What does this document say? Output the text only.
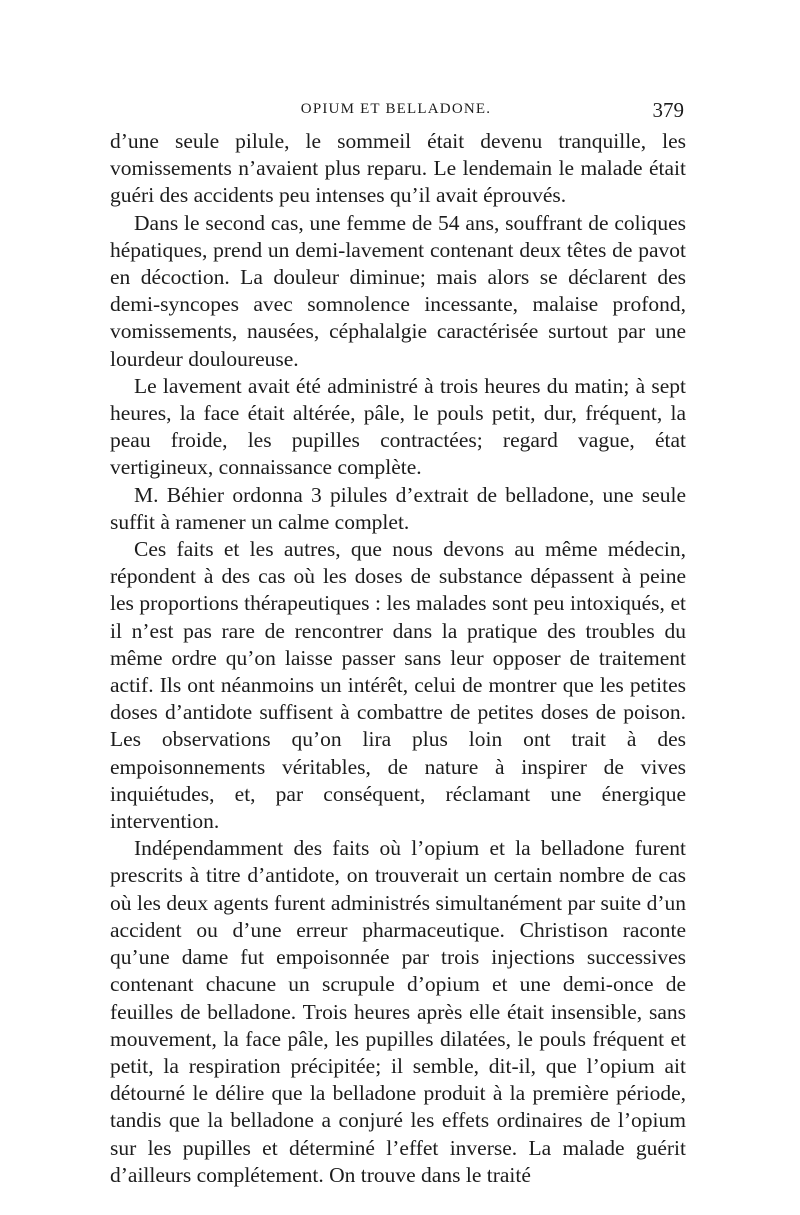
OPIUM ET BELLADONE.	379

d’une seule pilule, le sommeil était devenu tranquille, les vomissements n’avaient plus reparu. Le lendemain le malade était guéri des accidents peu intenses qu’il avait éprouvés.

Dans le second cas, une femme de 54 ans, souffrant de coliques hépatiques, prend un demi-lavement contenant deux têtes de pavot en décoction. La douleur diminue; mais alors se déclarent des demi-syncopes avec somnolence incessante, malaise profond, vomissements, nausées, céphalalgie caractérisée surtout par une lourdeur douloureuse.

Le lavement avait été administré à trois heures du matin; à sept heures, la face était altérée, pâle, le pouls petit, dur, fréquent, la peau froide, les pupilles contractées; regard vague, état vertigineux, connaissance complète.

M. Béhier ordonna 3 pilules d’extrait de belladone, une seule suffit à ramener un calme complet.

Ces faits et les autres, que nous devons au même médecin, répondent à des cas où les doses de substance dépassent à peine les proportions thérapeutiques : les malades sont peu intoxiqués, et il n’est pas rare de rencontrer dans la pratique des troubles du même ordre qu’on laisse passer sans leur opposer de traitement actif. Ils ont néanmoins un intérêt, celui de montrer que les petites doses d’antidote suffisent à combattre de petites doses de poison. Les observations qu’on lira plus loin ont trait à des empoisonnements véritables, de nature à inspirer de vives inquiétudes, et, par conséquent, réclamant une énergique intervention.

Indépendamment des faits où l’opium et la belladone furent prescrits à titre d’antidote, on trouverait un certain nombre de cas où les deux agents furent administrés simultanément par suite d’un accident ou d’une erreur pharmaceutique. Christison raconte qu’une dame fut empoisonnée par trois injections successives contenant chacune un scrupule d’opium et une demi-once de feuilles de belladone. Trois heures après elle était insensible, sans mouvement, la face pâle, les pupilles dilatées, le pouls fréquent et petit, la respiration précipitée; il semble, dit-il, que l’opium ait détourné le délire que la belladone produit à la première période, tandis que la belladone a conjuré les effets ordinaires de l’opium sur les pupilles et déterminé l’effet inverse. La malade guérit d’ailleurs complétement. On trouve dans le traité
